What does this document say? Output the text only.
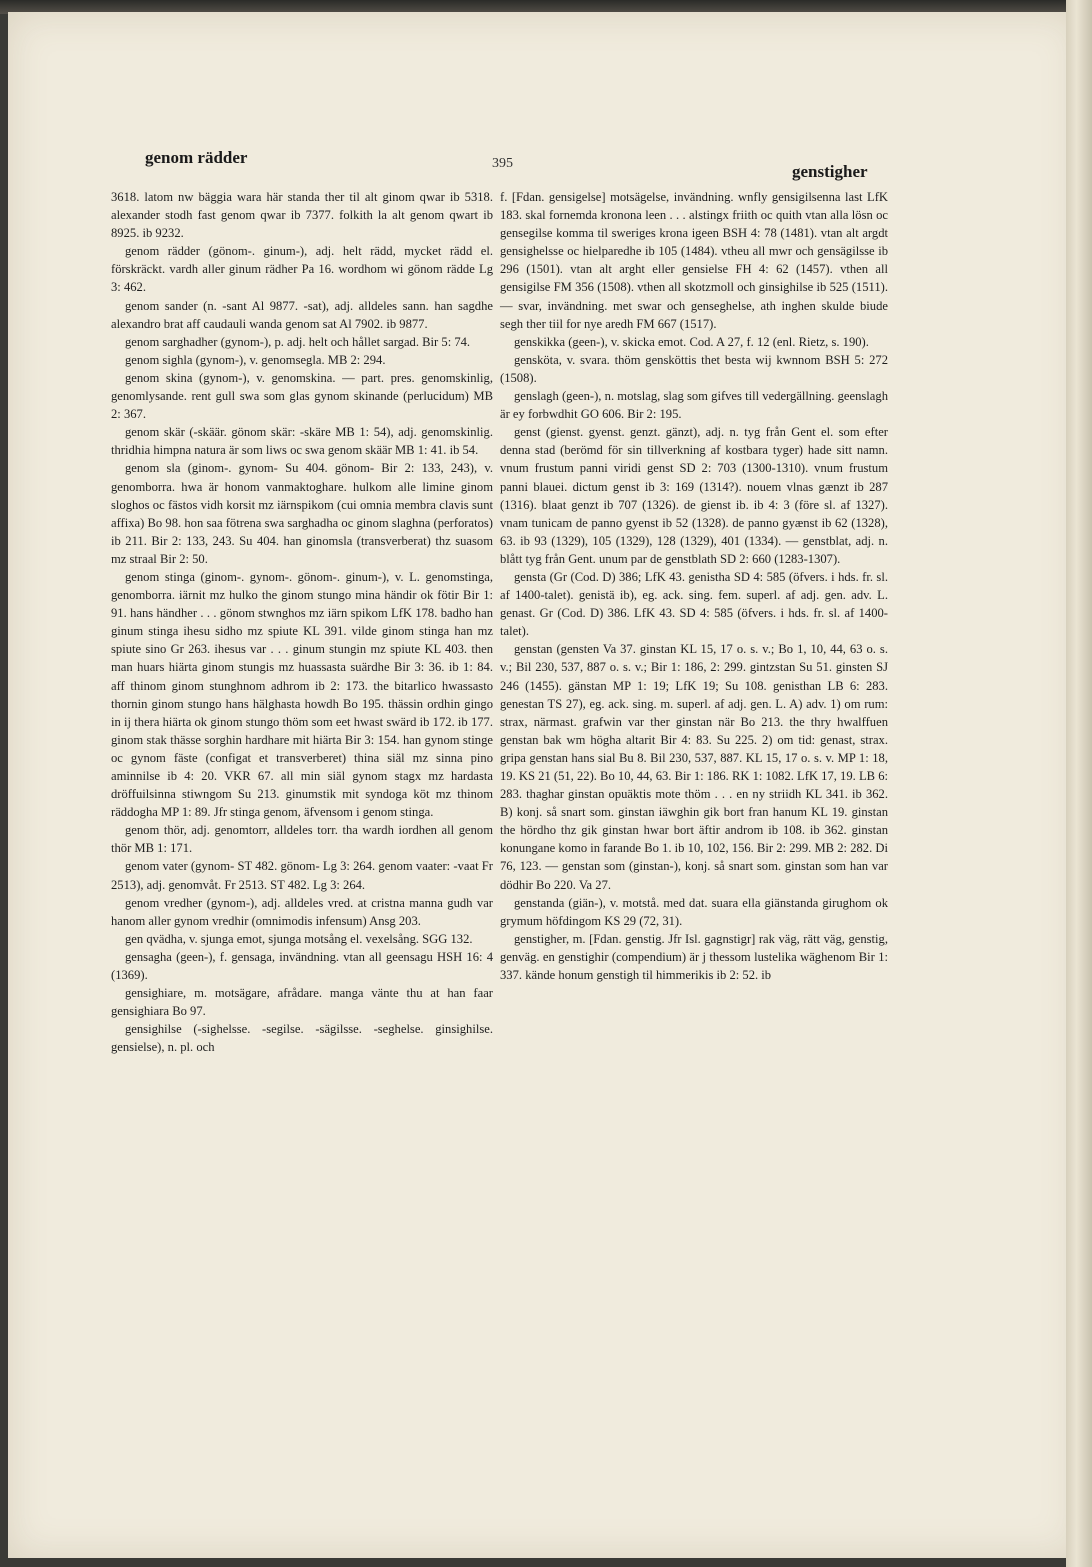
genom rädder	395	genstigher

3618. latom nw bäggia wara här standa ther til alt ginom qwar ib 5318. alexander stodh fast genom qwar ib 7377. folkith la alt genom qwart ib 8925. ib 9232.

genom rädder (gönom-. ginum-), adj. helt rädd, mycket rädd el. förskräckt. vardh aller ginum rädher Pa 16. wordhom wi gönom rädde Lg 3: 462.

genom sander (n. -sant Al 9877. -sat), adj. alldeles sann. han sagdhe alexandro brat aff caudauli wanda genom sat Al 7902. ib 9877.

genom sarghadher (gynom-), p. adj. helt och hållet sargad. Bir 5: 74.

genom sighla (gynom-), v. genomsegla. MB 2: 294.

genom skina (gynom-), v. genomskina. — part. pres. genomskinlig, genomlysande. rent gull swa som glas gynom skinande (perlucidum) MB 2: 367.

genom skär (-skäär. gönom skär: -skäre MB 1: 54), adj. genomskinlig. thridhia himpna natura är som liws oc swa genom skäär MB 1: 41. ib 54.

genom sla (ginom-. gynom- Su 404. gönom- Bir 2: 133, 243), v. genomborra. hwa är honom vanmaktoghare. hulkom alle limine ginom sloghos oc fästos vidh korsit mz iärnspikom (cui omnia membra clavis sunt affixa) Bo 98. hon saa fötrena swa sarghadha oc ginom slaghna (perforatos) ib 211. Bir 2: 133, 243. Su 404. han ginomsla (transverberat) thz suasom mz straal Bir 2: 50.

genom stinga (ginom-. gynom-. gönom-. ginum-), v. L. genomstinga, genomborra. iärnit mz hulko the ginom stungo mina händir ok fötir Bir 1: 91. hans händher . . . gönom stwnghos mz iärn spikom LfK 178. badho han ginum stinga ihesu sidho mz spiute KL 391. vilde ginom stinga han mz spiute sino Gr 263. ihesus var . . . ginum stungin mz spiute KL 403. then man huars hiärta ginom stungis mz huassasta suärdhe Bir 3: 36. ib 1: 84. aff thinom ginom stunghnom adhrom ib 2: 173. the bitarlico hwassasto thornin ginom stungo hans hälghasta howdh Bo 195. thässin ordhin gingo in ij thera hiärta ok ginom stungo thöm som eet hwast swärd ib 172. ib 177. ginom stak thässe sorghin hardhare mit hiärta Bir 3: 154. han gynom stinge oc gynom fäste (configat et transverberet) thina siäl mz sinna pino aminnilse ib 4: 20. VKR 67. all min siäl gynom stagx mz hardasta dröffuilsinna stiwngom Su 213. ginumstik mit syndoga köt mz thinom räddogha MP 1: 89. Jfr stinga genom, äfvensom i genom stinga.

genom thör, adj. genomtorr, alldeles torr. tha wardh iordhen all genom thör MB 1: 171.

genom vater (gynom- ST 482. gönom- Lg 3: 264. genom vaater: -vaat Fr 2513), adj. genomvåt. Fr 2513. ST 482. Lg 3: 264.

genom vredher (gynom-), adj. alldeles vred. at cristna manna gudh var hanom aller gynom vredhir (omnimodis infensum) Ansg 203.

gen qvädha, v. sjunga emot, sjunga motsång el. vexelsång. SGG 132.

gensagha (geen-), f. gensaga, invändning. vtan all geensagu HSH 16: 4 (1369).

gensighiare, m. motsägare, afrådare. manga vänte thu at han faar gensighiara Bo 97.

gensighilse (-sighelsse. -segilse. -sägilsse. -seghelse. ginsighilse. gensielse), n. pl. och

f. [Fdan. gensigelse] motsägelse, invändning. wnfly gensigilsenna last LfK 183. skal fornemda kronona leen . . . alstingx friith oc quith vtan alla lösn oc gensegilse komma til sweriges krona igeen BSH 4: 78 (1481). vtan alt argdt gensighelsse oc hielparedhe ib 105 (1484). vtheu all mwr och gensägilsse ib 296 (1501). vtan alt arght eller gensielse FH 4: 62 (1457). vthen all gensigilse FM 356 (1508). vthen all skotzmoll och ginsighilse ib 525 (1511). — svar, invändning. met swar och genseghelse, ath inghen skulde biude segh ther tiil for nye aredh FM 667 (1517).

genskikka (geen-), v. skicka emot. Cod. A 27, f. 12 (enl. Rietz, s. 190).

gensköta, v. svara. thöm gensköttis thet besta wij kwnnom BSH 5: 272 (1508).

genslagh (geen-), n. motslag, slag som gifves till vedergällning. geenslagh är ey forbwdhit GO 606. Bir 2: 195.

genst (gienst. gyenst. genzt. gänzt), adj. n. tyg från Gent el. som efter denna stad (berömd för sin tillverkning af kostbara tyger) hade sitt namn. vnum frustum panni viridi genst SD 2: 703 (1300-1310). vnum frustum panni blauei. dictum genst ib 3: 169 (1314?). nouem vlnas gænzt ib 287 (1316). blaat genzt ib 707 (1326). de gienst ib. ib 4: 3 (före sl. af 1327). vnam tunicam de panno gyenst ib 52 (1328). de panno gyænst ib 62 (1328), 63. ib 93 (1329), 105 (1329), 128 (1329), 401 (1334). — genstblat, adj. n. blått tyg från Gent. unum par de genstblath SD 2: 660 (1283-1307).

gensta (Gr (Cod. D) 386; LfK 43. genistha SD 4: 585 (öfvers. i hds. fr. sl. af 1400-talet). genistä ib), eg. ack. sing. fem. superl. af adj. gen. adv. L. genast. Gr (Cod. D) 386. LfK 43. SD 4: 585 (öfvers. i hds. fr. sl. af 1400-talet).

genstan (gensten Va 37. ginstan KL 15, 17 o. s. v.; Bo 1, 10, 44, 63 o. s. v.; Bil 230, 537, 887 o. s. v.; Bir 1: 186, 2: 299. gintzstan Su 51. ginsten SJ 246 (1455). gänstan MP 1: 19; LfK 19; Su 108. genisthan LB 6: 283. genestan TS 27), eg. ack. sing. m. superl. af adj. gen. L. A) adv. 1) om rum: strax, närmast. grafwin var ther ginstan när Bo 213. the thry hwalffuen genstan bak wm högha altarit Bir 4: 83. Su 225. 2) om tid: genast, strax. gripa genstan hans sial Bu 8. Bil 230, 537, 887. KL 15, 17 o. s. v. MP 1: 18, 19. KS 21 (51, 22). Bo 10, 44, 63. Bir 1: 186. RK 1: 1082. LfK 17, 19. LB 6: 283. thaghar ginstan opuäktis mote thöm . . . en ny striidh KL 341. ib 362. B) konj. så snart som. ginstan iäwghin gik bort fran hanum KL 19. ginstan the hördho thz gik ginstan hwar bort äftir androm ib 108. ib 362. ginstan konungane komo in farande Bo 1. ib 10, 102, 156. Bir 2: 299. MB 2: 282. Di 76, 123. — genstan som (ginstan-), konj. så snart som. ginstan som han var dödhir Bo 220. Va 27.

genstanda (giän-), v. motstå. med dat. suara ella giänstanda girughom ok grymum höfdingom KS 29 (72, 31).

genstigher, m. [Fdan. genstig. Jfr Isl. gagnstigr] rak väg, rätt väg, genstig, genväg. en genstighir (compendium) är j thessom lustelika wäghenom Bir 1: 337. kände honum genstigh til himmerikis ib 2: 52. ib
